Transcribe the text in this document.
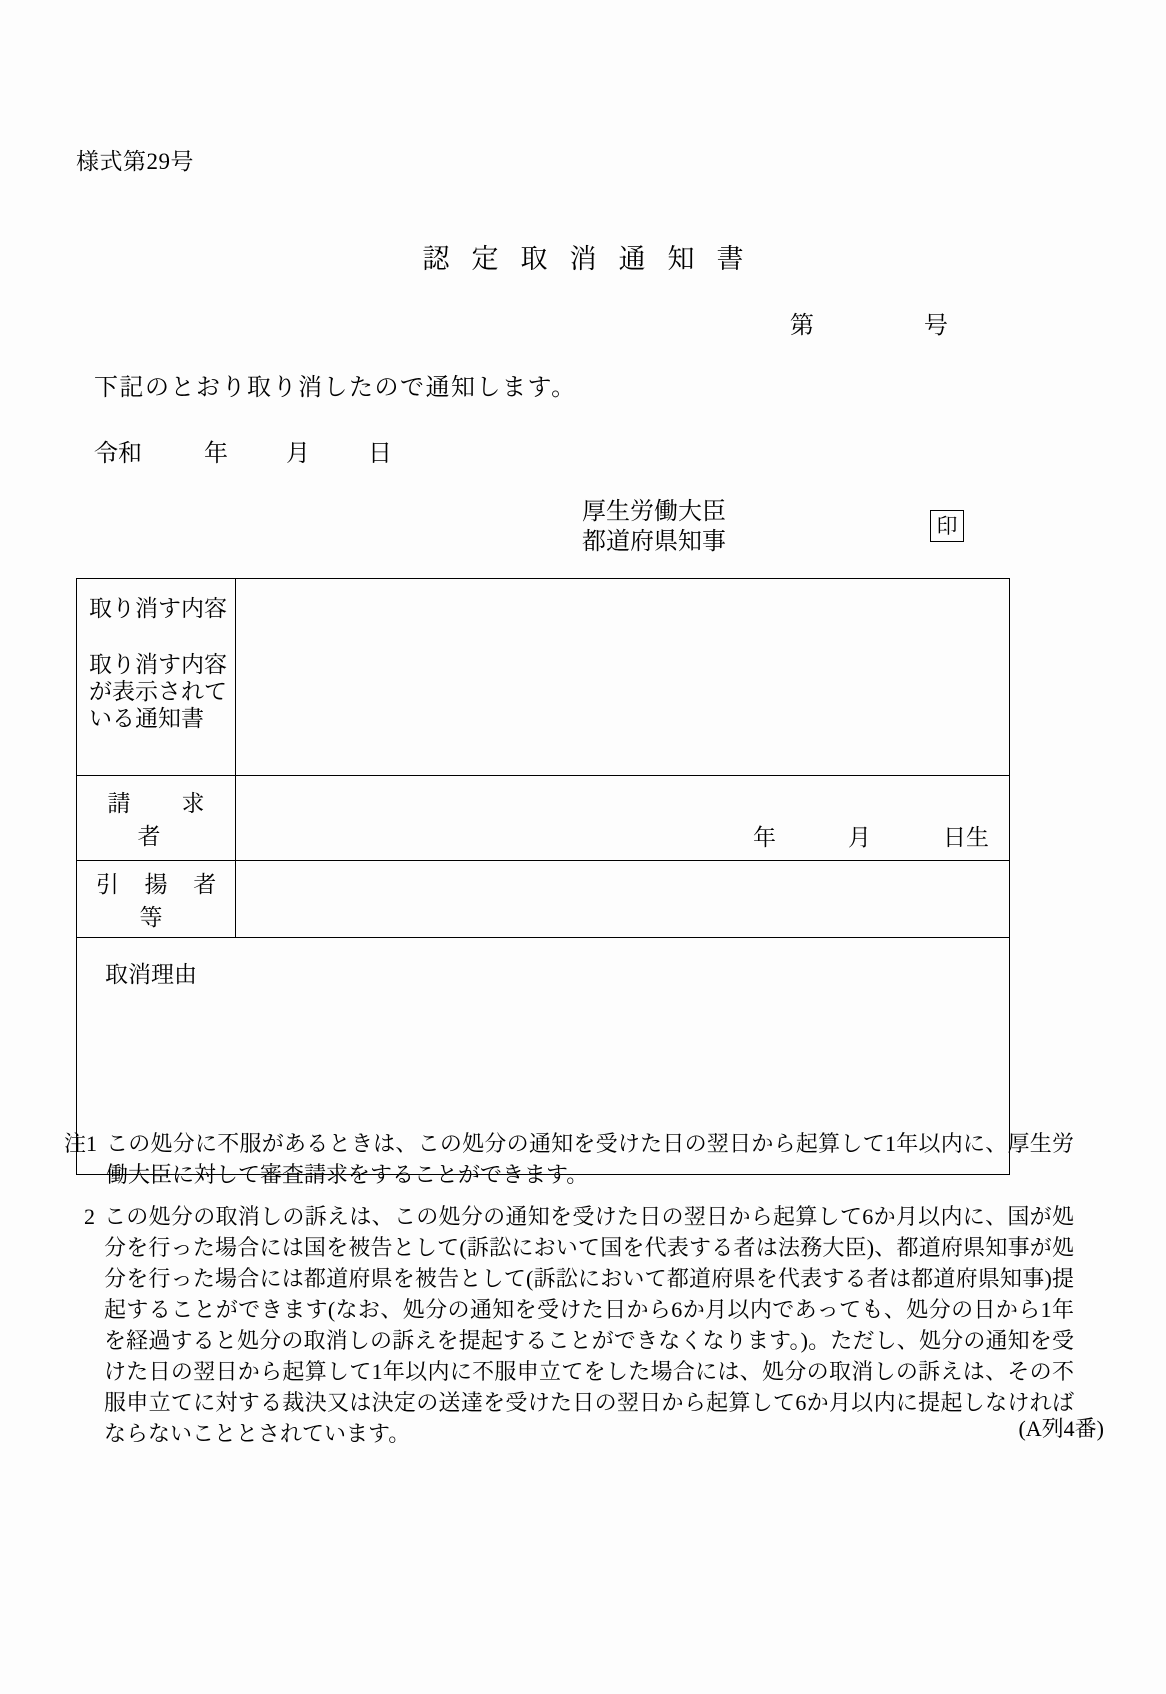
様式第29号
認定取消通知書
第	号
下記のとおり取り消したので通知します。
令和	年 月 日
厚生労働大臣
都道府県知事
印
取り消す内容
取り消す内容
が表示されて
いる通知書	

請　求　者	年 月 日生

引 揚 者 等	
取消理由	
注1 この処分に不服があるときは、この処分の通知を受けた日の翌日から起算して1年以内に、厚生労働大臣に対して審査請求をすることができます。
2 この処分の取消しの訴えは、この処分の通知を受けた日の翌日から起算して6か月以内に、国が処分を行った場合には国を被告として(訴訟において国を代表する者は法務大臣)、都道府県知事が処分を行った場合には都道府県を被告として(訴訟において都道府県を代表する者は都道府県知事)提起することができます(なお、処分の通知を受けた日から6か月以内であっても、処分の日から1年を経過すると処分の取消しの訴えを提起することができなくなります。)。ただし、処分の通知を受けた日の翌日から起算して1年以内に不服申立てをした場合には、処分の取消しの訴えは、その不服申立てに対する裁決又は決定の送達を受けた日の翌日から起算して6か月以内に提起しなければならないこととされています。	(A列4番)
